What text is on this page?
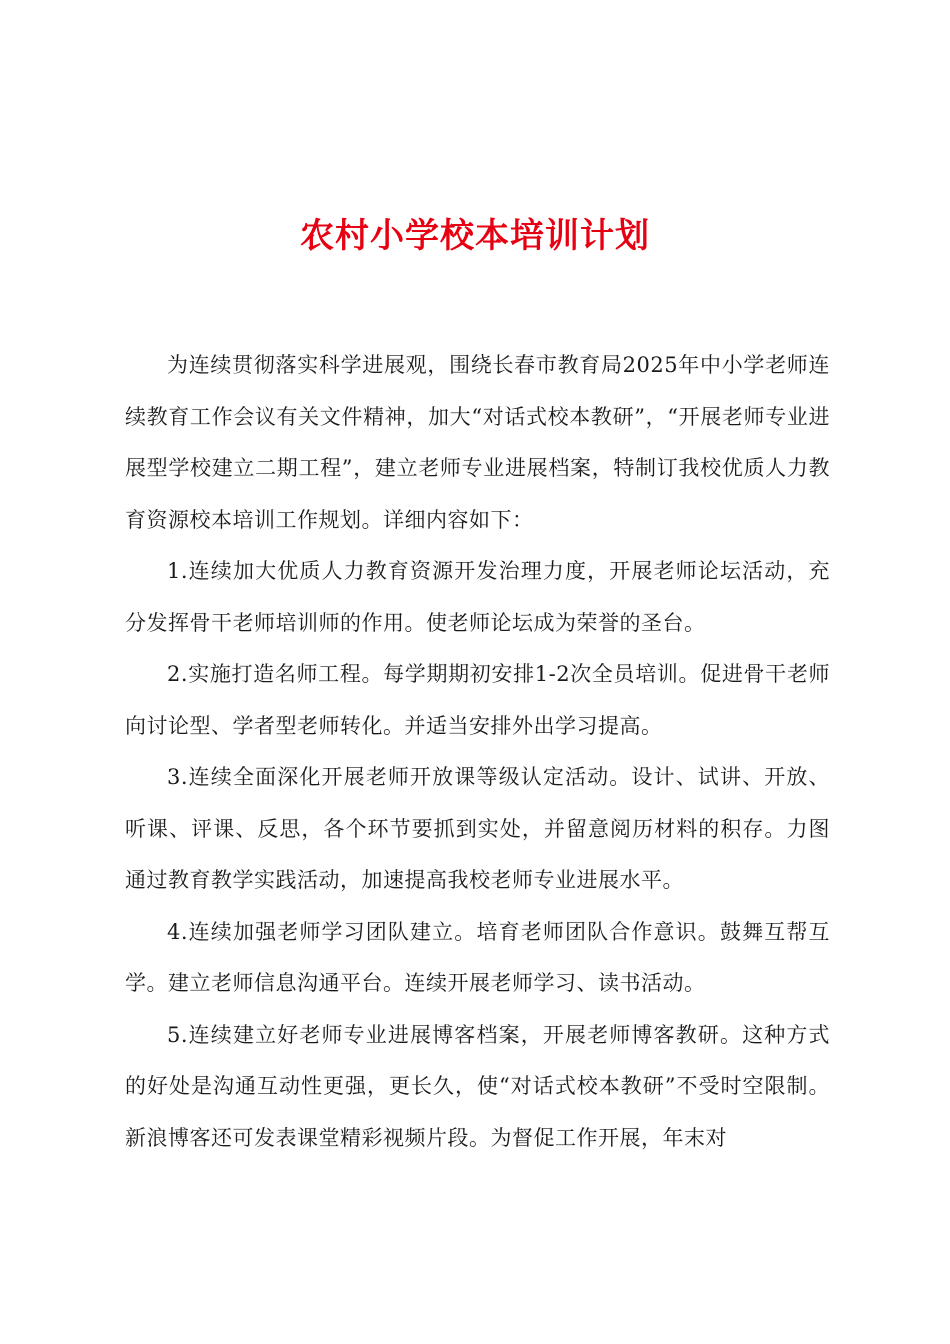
农村小学校本培训计划

为连续贯彻落实科学进展观，围绕长春市教育局2025年中小学老师连续教育工作会议有关文件精神，加大“对话式校本教研”，“开展老师专业进展型学校建立二期工程”，建立老师专业进展档案，特制订我校优质人力教育资源校本培训工作规划。详细内容如下：

1.连续加大优质人力教育资源开发治理力度，开展老师论坛活动，充分发挥骨干老师培训师的作用。使老师论坛成为荣誉的圣台。

2.实施打造名师工程。每学期期初安排1-2次全员培训。促进骨干老师向讨论型、学者型老师转化。并适当安排外出学习提高。

3.连续全面深化开展老师开放课等级认定活动。设计、试讲、开放、听课、评课、反思，各个环节要抓到实处，并留意阅历材料的积存。力图通过教育教学实践活动，加速提高我校老师专业进展水平。

4.连续加强老师学习团队建立。培育老师团队合作意识。鼓舞互帮互学。建立老师信息沟通平台。连续开展老师学习、读书活动。

5.连续建立好老师专业进展博客档案，开展老师博客教研。这种方式的好处是沟通互动性更强，更长久，使“对话式校本教研”不受时空限制。新浪博客还可发表课堂精彩视频片段。为督促工作开展，年末对
